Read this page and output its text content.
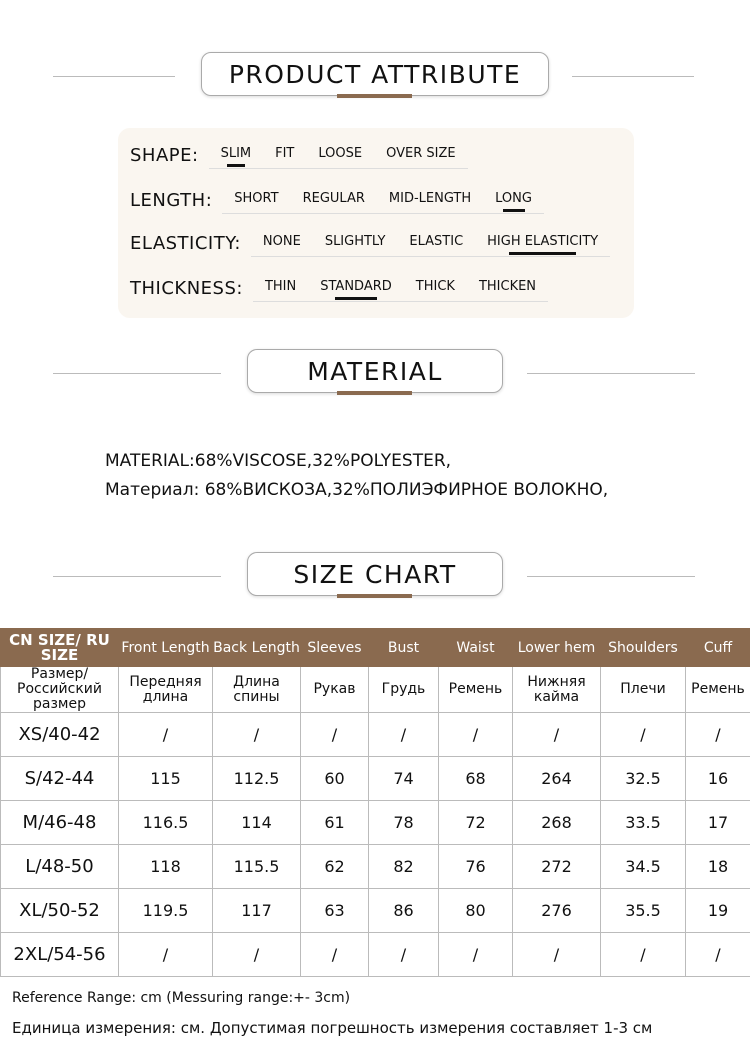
PRODUCT ATTRIBUTE
SHAPE: SLIM FIT LOOSE OVER SIZE
LENGTH: SHORT REGULAR MID-LENGTH LONG
ELASTICITY: NONE SLIGHTLY ELASTIC HIGH ELASTICITY
THICKNESS: THIN STANDARD THICK THICKEN
MATERIAL
MATERIAL:68%VISCOSE,32%POLYESTER,
Материал: 68%ВИСКОЗА,32%ПОЛИЭФИРНОЕ ВОЛОКНО,
SIZE CHART
CN SIZE/ RU SIZE	Front Length	Back Length	Sleeves	Bust	Waist	Lower hem	Shoulders	Cuff
Размер/ Российский размер	Передняя длина	Длина спины	Рукав	Грудь	Ремень	Нижняя кайма	Плечи	Ремень
XS/40-42	/	/	/	/	/	/	/	/
S/42-44	115	112.5	60	74	68	264	32.5	16
M/46-48	116.5	114	61	78	72	268	33.5	17
L/48-50	118	115.5	62	82	76	272	34.5	18
XL/50-52	119.5	117	63	86	80	276	35.5	19
2XL/54-56	/	/	/	/	/	/	/	/
Reference Range: cm (Messuring range:+- 3cm)
Единица измерения: см. Допустимая погрешность измерения составляет 1-3 см
